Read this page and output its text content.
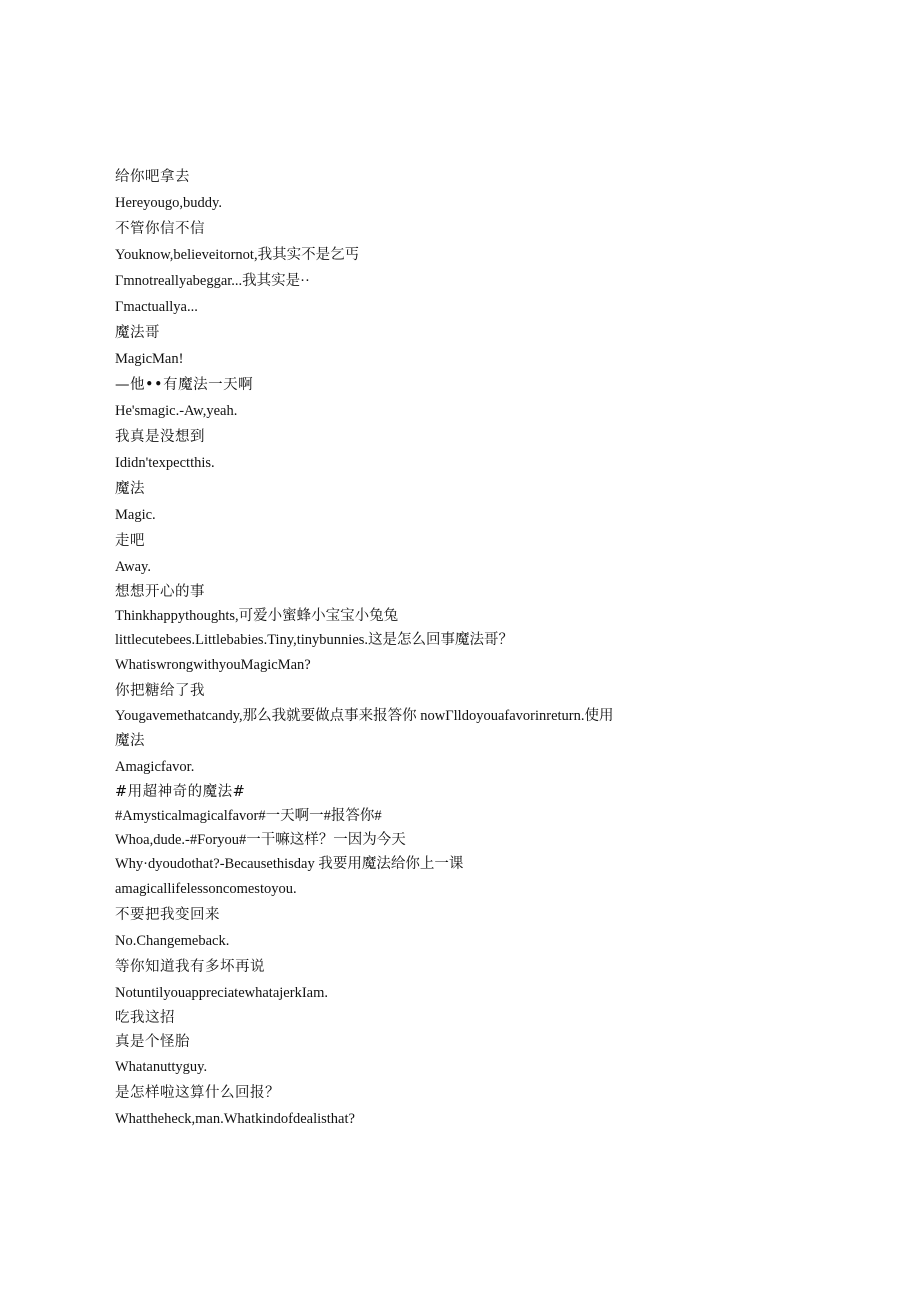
给你吧拿去

Hereyougo,buddy.

不管你信不信

Youknow,believeitornot,我其实不是乞丐

Γmnotreallyabeggar...我其实是··

Γmactuallya...

魔法哥

MagicMan!

—他••有魔法一天啊

He'smagic.-Aw,yeah.

我真是没想到

Ididn'texpectthis.

魔法

Magic.

走吧

Away.

想想开心的事

Thinkhappythoughts,可爱小蜜蜂小宝宝小兔兔

littlecutebees.Littlebabies.Tiny,tinybunnies.这是怎么回事魔法哥？

WhatiswrongwithyouMagicMan?

你把糖给了我

Yougavemethatcandy,那么我就要做点事来报答你 nowΓlldoyouafavorinreturn.使用

魔法

Amagicfavor.

#用超神奇的魔法#

#Amysticalmagicalfavor#一天啊一#报答你#

Whoa,dude.-#Foryou#一干嘛这样？一因为今天

Why·dyoudothat?-Becausethisday 我要用魔法给你上一课

amagicallifelessoncomestoyou.

不要把我变回来

No.Changemeback.

等你知道我有多坏再说

NotuntilyouappreciatewhatajerkIam.

吃我这招

真是个怪胎

Whatanuttyguy.

是怎样啦这算什么回报？

Whattheheck,man.Whatkindofdealisthat?
